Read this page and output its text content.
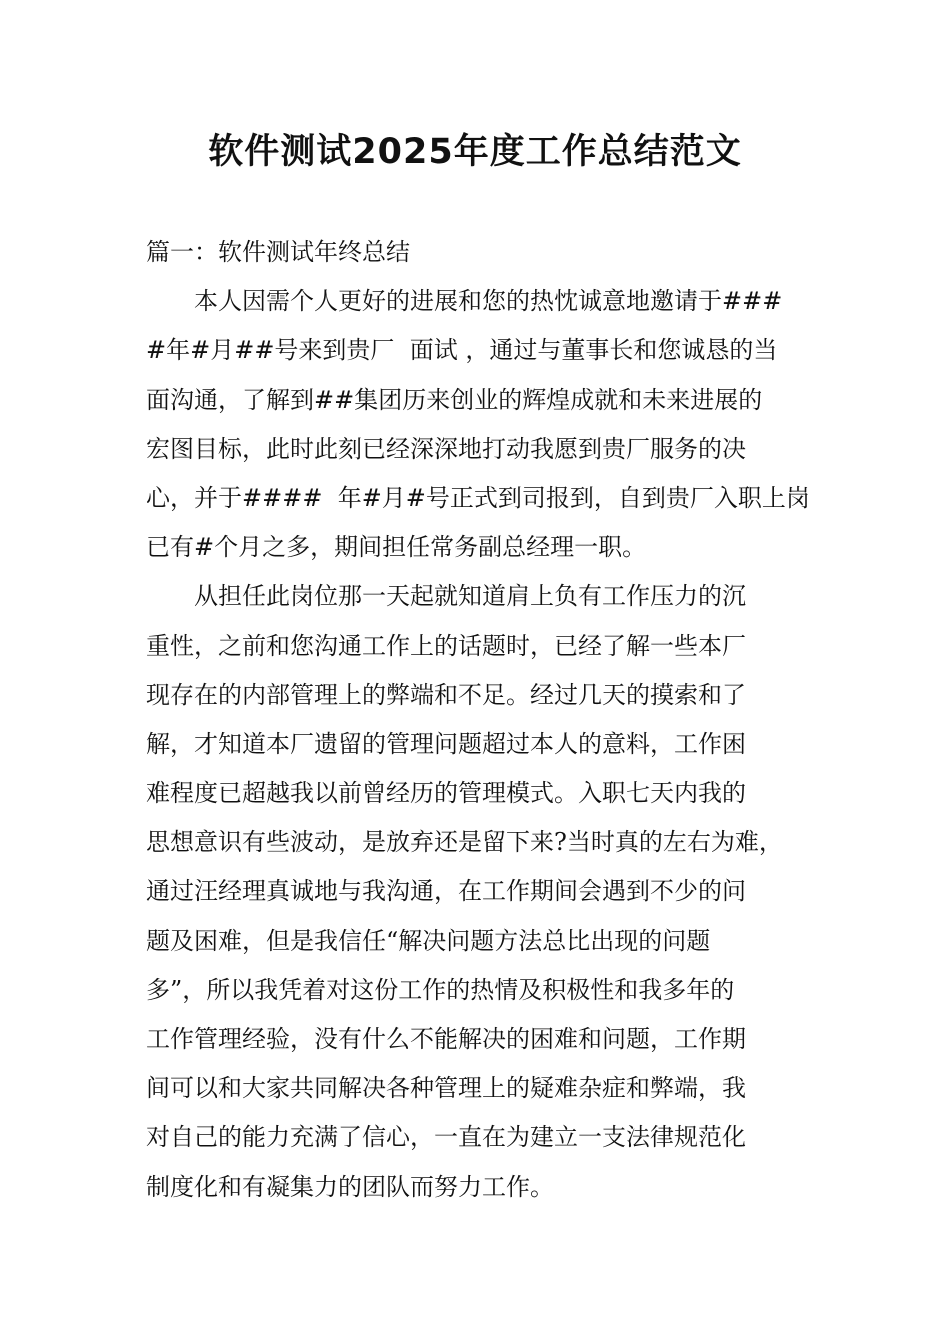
软件测试2025年度工作总结范文
篇一：软件测试年终总结
本人因需个人更好的进展和您的热忱诚意地邀请于###
#年#月##号来到贵厂  面试 ，通过与董事长和您诚恳的当
面沟通，了解到##集团历来创业的辉煌成就和未来进展的
宏图目标，此时此刻已经深深地打动我愿到贵厂服务的决
心，并于####  年#月#号正式到司报到，自到贵厂入职上岗
已有#个月之多，期间担任常务副总经理一职。
从担任此岗位那一天起就知道肩上负有工作压力的沉
重性，之前和您沟通工作上的话题时，已经了解一些本厂
现存在的内部管理上的弊端和不足。经过几天的摸索和了
解，才知道本厂遗留的管理问题超过本人的意料，工作困
难程度已超越我以前曾经历的管理模式。入职七天内我的
思想意识有些波动，是放弃还是留下来?当时真的左右为难，
通过汪经理真诚地与我沟通，在工作期间会遇到不少的问
题及困难，但是我信任“解决问题方法总比出现的问题
多”，所以我凭着对这份工作的热情及积极性和我多年的
工作管理经验，没有什么不能解决的困难和问题，工作期
间可以和大家共同解决各种管理上的疑难杂症和弊端，我
对自己的能力充满了信心，一直在为建立一支法律规范化
制度化和有凝集力的团队而努力工作。
